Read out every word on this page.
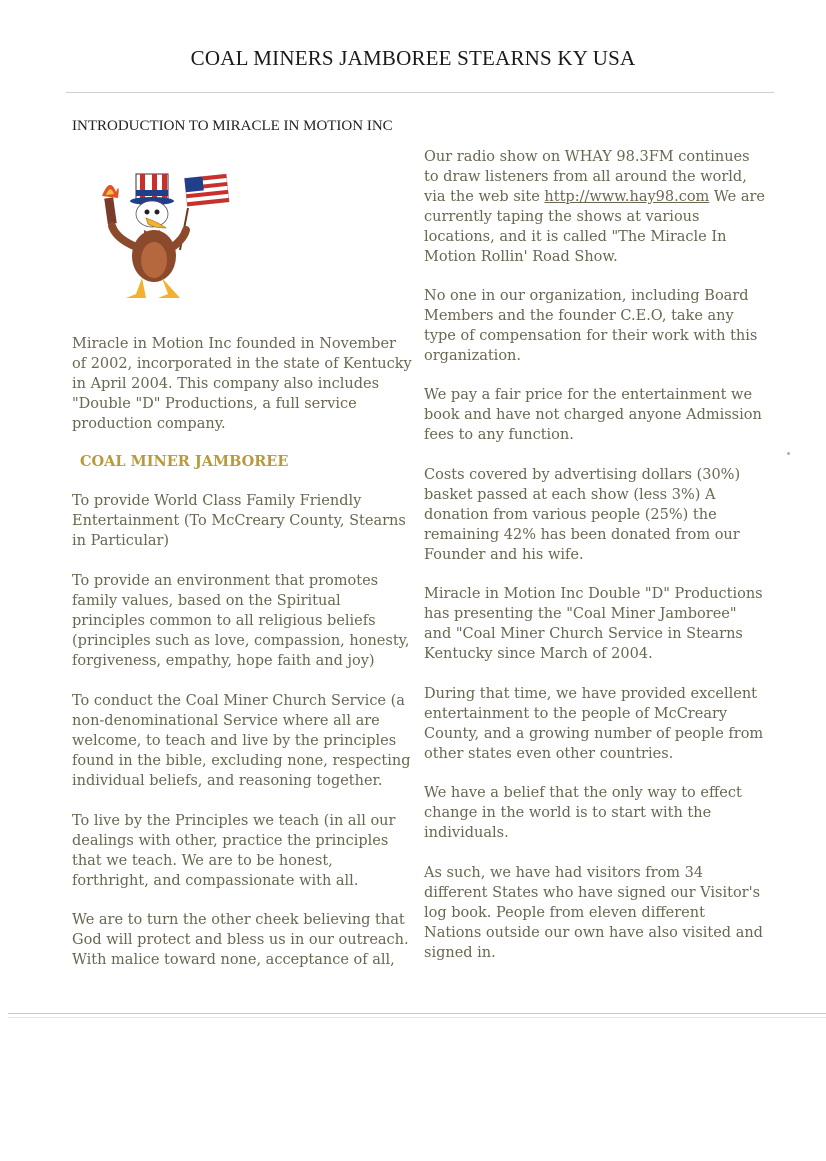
COAL MINERS JAMBOREE STEARNS KY USA
INTRODUCTION TO MIRACLE IN MOTION INC

Miracle in Motion Inc founded in November of 2002, incorporated in the state of Kentucky in April 2004. This company also includes "Double "D" Productions, a full service production company.

COAL MINER JAMBOREE

To provide World Class Family Friendly Entertainment (To McCreary County, Stearns in Particular)

To provide an environment that promotes family values, based on the Spiritual principles common to all religious beliefs (principles such as love, compassion, honesty, forgiveness, empathy, hope faith and joy)

To conduct the Coal Miner Church Service (a non-denominational Service where all are welcome, to teach and live by the principles found in the bible, excluding none, respecting individual beliefs, and reasoning together.

To live by the Principles we teach (in all our dealings with other, practice the principles that we teach. We are to be honest, forthright, and compassionate with all.

We are to turn the other cheek believing that God will protect and bless us in our outreach. With malice toward none, acceptance of all,

Our radio show on WHAY 98.3FM continues to draw listeners from all around the world, via the web site http://www.hay98.com We are currently taping the shows at various locations, and it is called "The Miracle In Motion Rollin' Road Show.

No one in our organization, including Board Members and the founder C.E.O, take any type of compensation for their work with this organization.

We pay a fair price for the entertainment we book and have not charged anyone Admission fees to any function.

Costs covered by advertising dollars (30%) basket passed at each show (less 3%) A donation from various people (25%) the remaining 42% has been donated from our Founder and his wife.

Miracle in Motion Inc Double "D" Productions has presenting the "Coal Miner Jamboree" and "Coal Miner Church Service in Stearns Kentucky since March of 2004.

During that time, we have provided excellent entertainment to the people of McCreary County, and a growing number of people from other states even other countries.

We have a belief that the only way to effect change in the world is to start with the individuals.

As such, we have had visitors from 34 different States who have signed our Visitor's log book. People from eleven different Nations outside our own have also visited and signed in.
